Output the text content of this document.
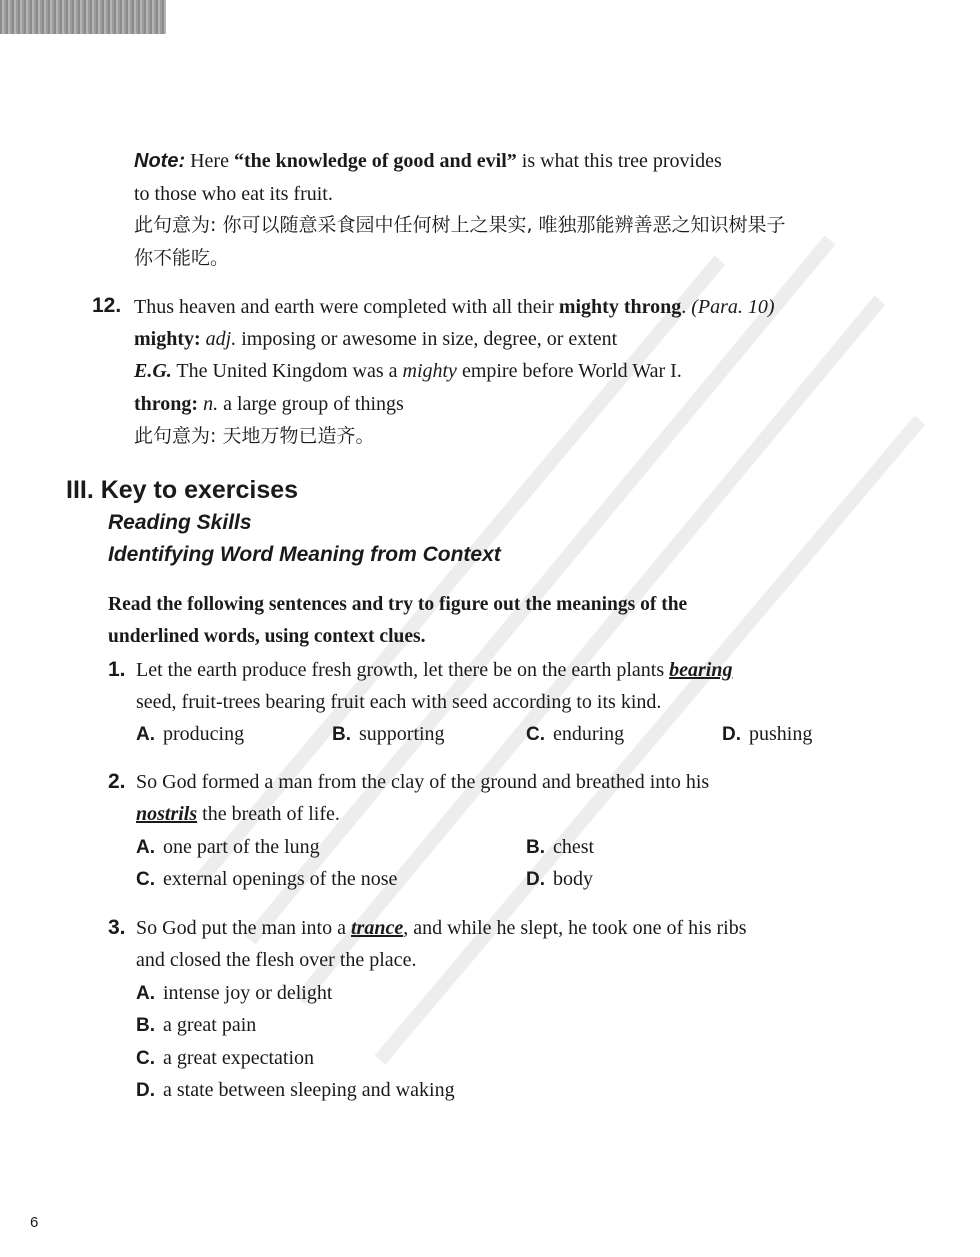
Note: Here “the knowledge of good and evil” is what this tree provides
to those who eat its fruit.
此句意为: 你可以随意采食园中任何树上之果实, 唯独那能辨善恶之知识树果子
你不能吃。
12. Thus heaven and earth were completed with all their mighty throng. (Para. 10)
mighty: adj. imposing or awesome in size, degree, or extent
E.G. The United Kingdom was a mighty empire before World War I.
throng: n. a large group of things
此句意为: 天地万物已造齐。
III. Key to exercises
Reading Skills
Identifying Word Meaning from Context
Read the following sentences and try to figure out the meanings of the
underlined words, using context clues.
1. Let the earth produce fresh growth, let there be on the earth plants bearing
seed, fruit-trees bearing fruit each with seed according to its kind.
A. producing	B. supporting	C. enduring	D. pushing
2. So God formed a man from the clay of the ground and breathed into his
nostrils the breath of life.
A. one part of the lung	B. chest
C. external openings of the nose	D. body
3. So God put the man into a trance, and while he slept, he took one of his ribs
and closed the flesh over the place.
A. intense joy or delight
B. a great pain
C. a great expectation
D. a state between sleeping and waking
6
